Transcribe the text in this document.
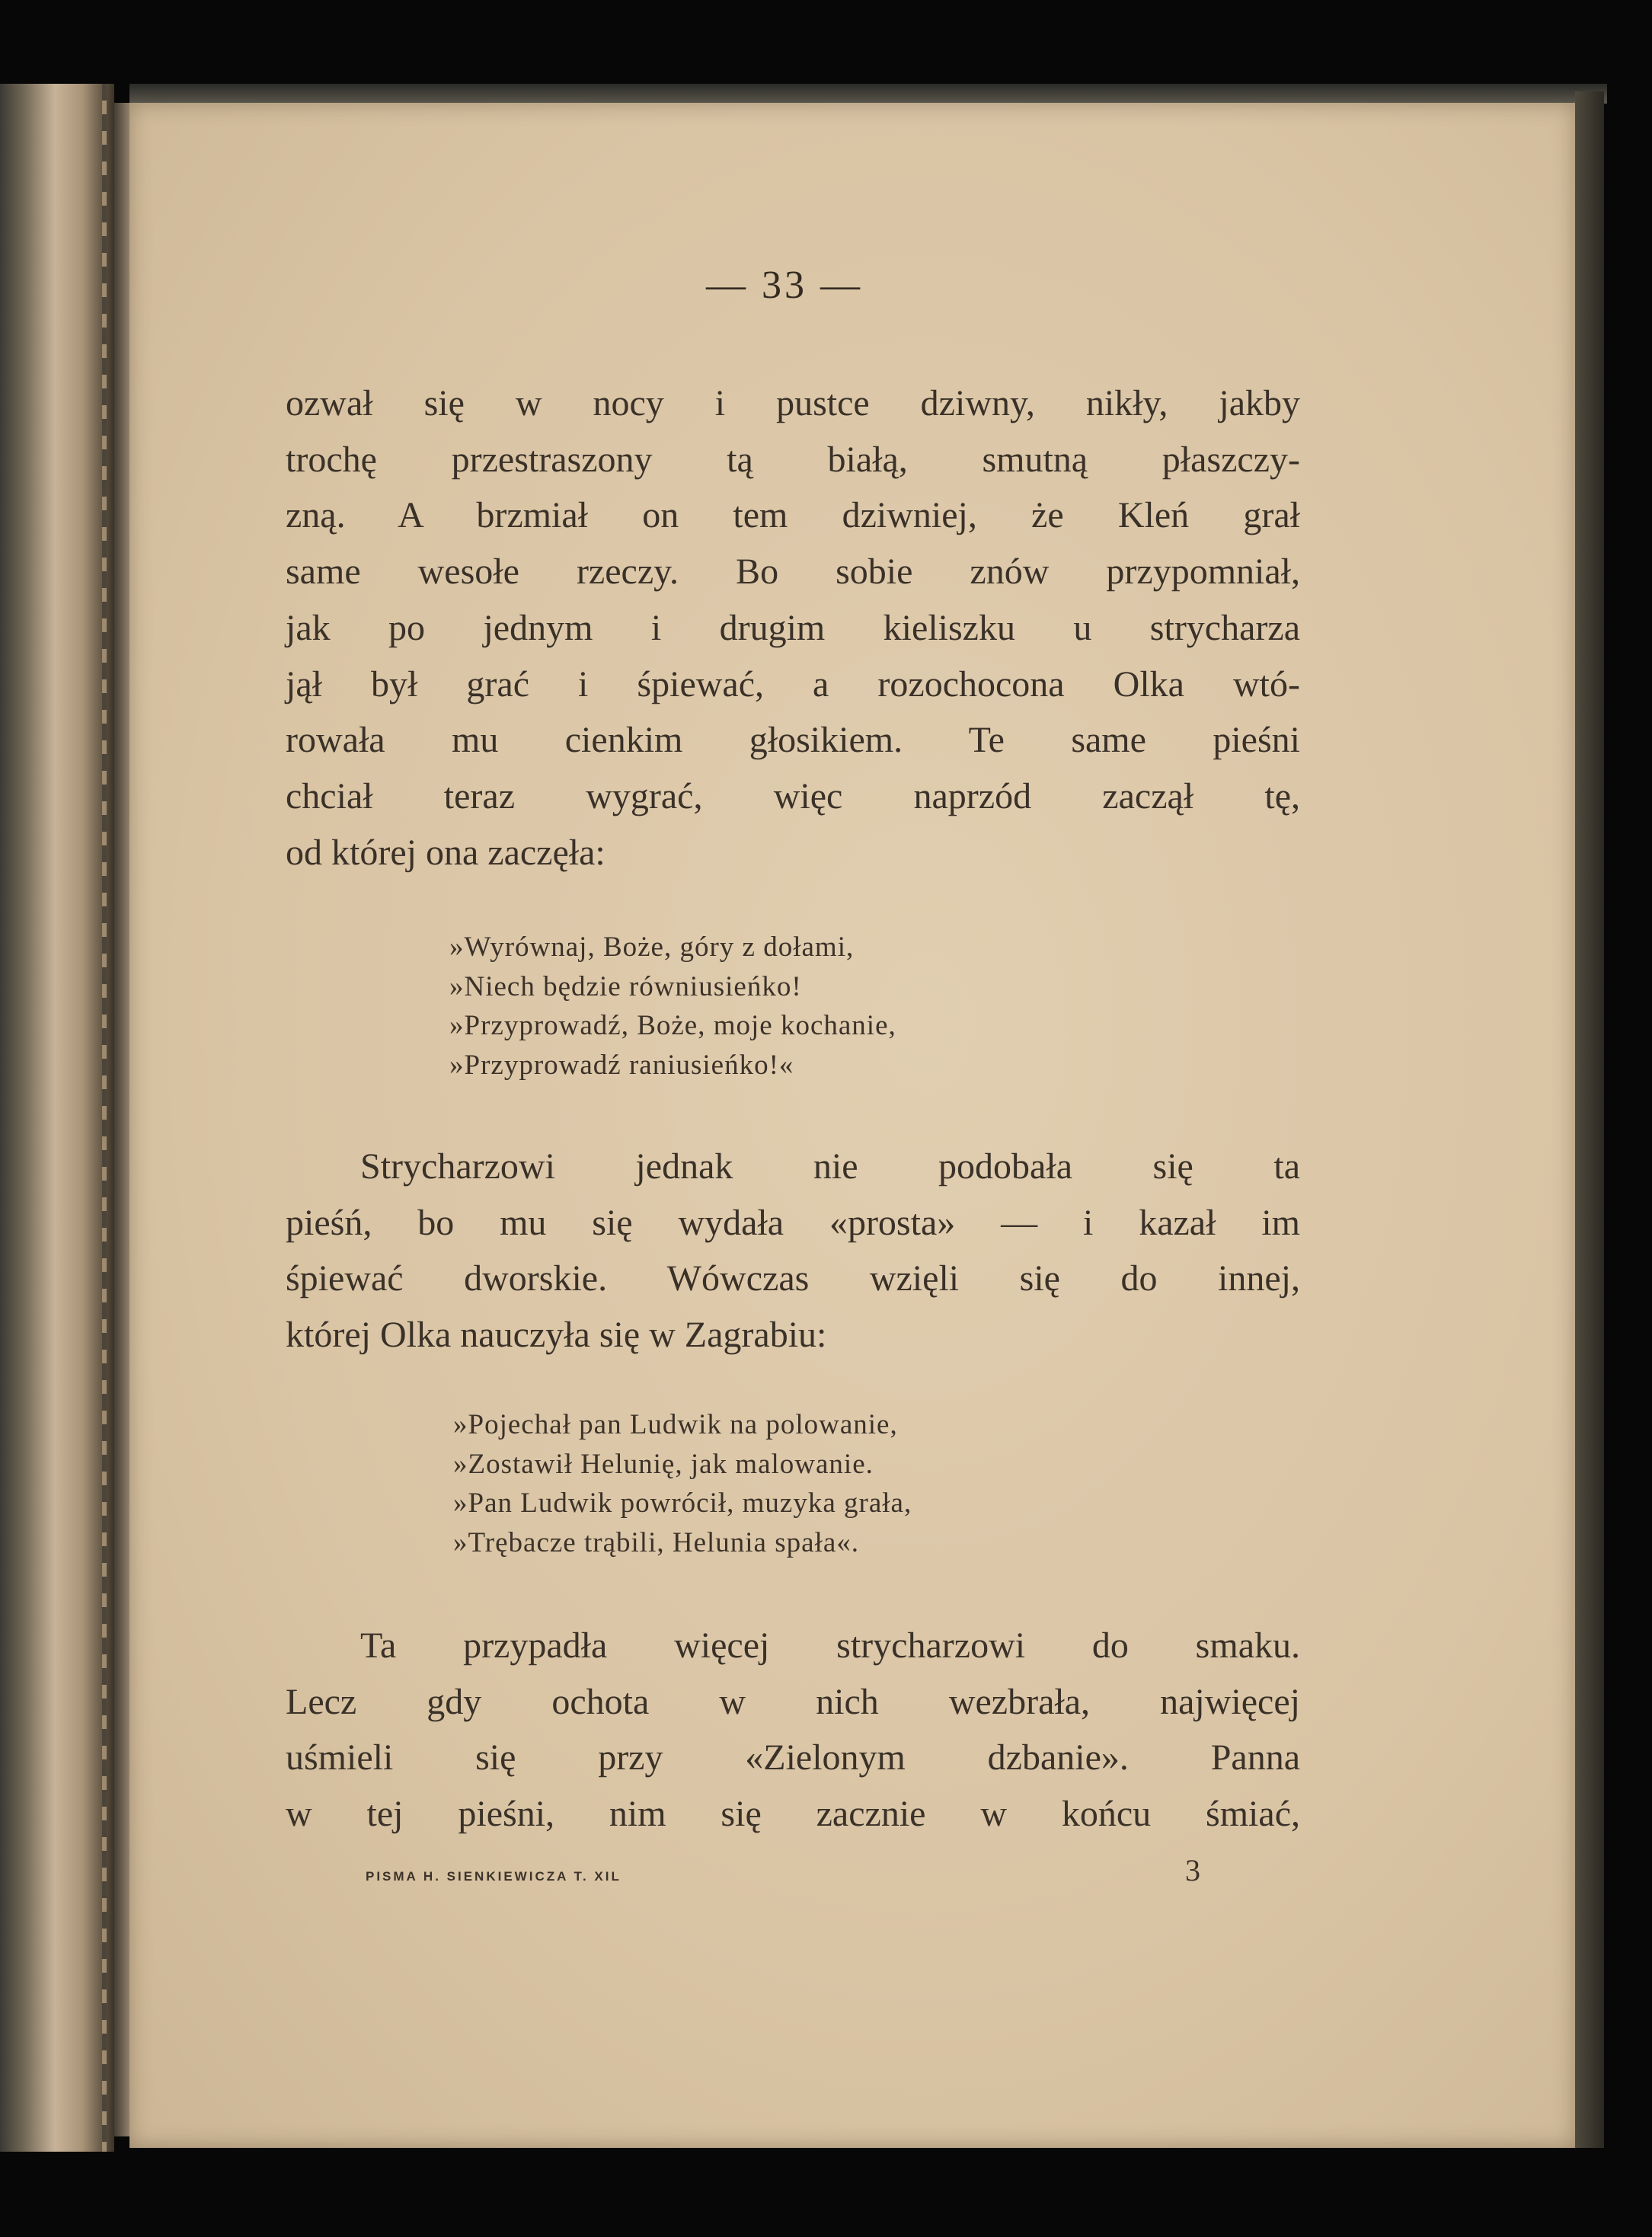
— 33 —

ozwał się w nocy i pustce dziwny, nikły, jakby
trochę przestraszony tą białą, smutną płaszczy-
zną. A brzmiał on tem dziwniej, że Kleń grał
same wesołe rzeczy. Bo sobie znów przypomniał,
jak po jednym i drugim kieliszku u strycharza
jął był grać i śpiewać, a rozochocona Olka wtó-
rowała mu cienkim głosikiem. Te same pieśni
chciał teraz wygrać, więc naprzód zaczął tę,
od której ona zaczęła:

»Wyrównaj, Boże, góry z dołami,
»Niech będzie równiusieńko!
»Przyprowadź, Boże, moje kochanie,
»Przyprowadź raniusieńko!«

Strycharzowi jednak nie podobała się ta
pieśń, bo mu się wydała «prosta» — i kazał im
śpiewać dworskie. Wówczas wzięli się do innej,
której Olka nauczyła się w Zagrabiu:

»Pojechał pan Ludwik na polowanie,
»Zostawił Helunię, jak malowanie.
»Pan Ludwik powrócił, muzyka grała,
»Trębacze trąbili, Helunia spała«.

Ta przypadła więcej strycharzowi do smaku.
Lecz gdy ochota w nich wezbrała, najwięcej
uśmieli się przy «Zielonym dzbanie». Panna
w tej pieśni, nim się zacznie w końcu śmiać,

PISMA H. SIENKIEWICZA T. XIL	3
